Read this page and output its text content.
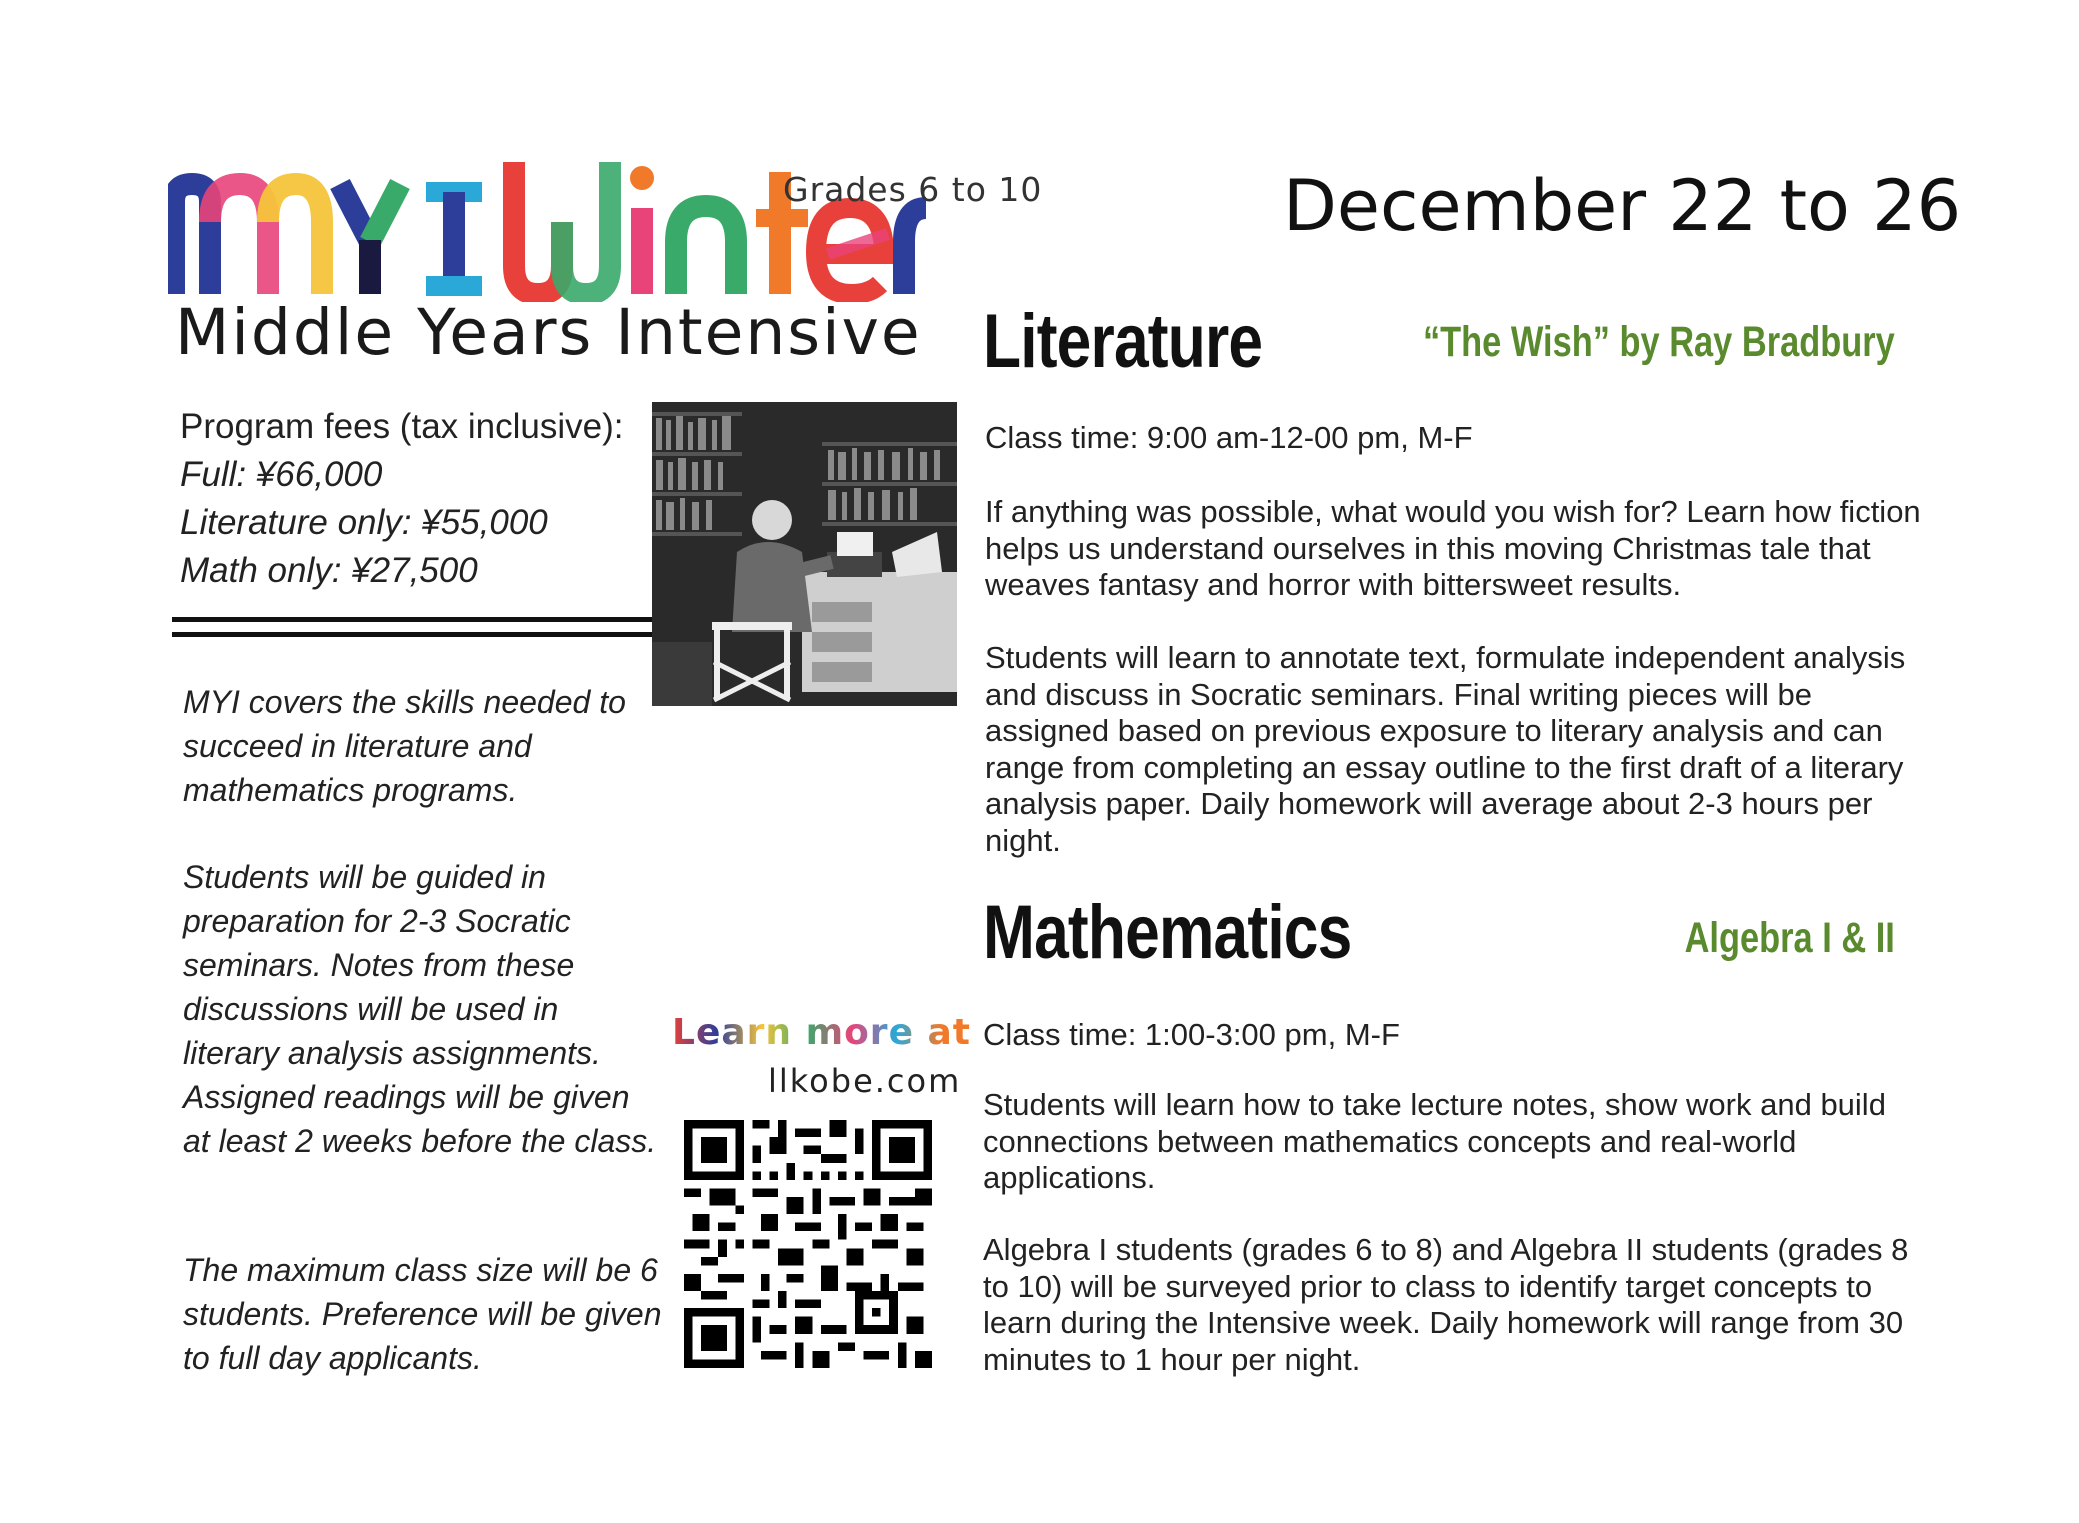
Grades 6 to 10
Middle Years Intensive
December 22 to 26
Program fees (tax inclusive):
Full: ¥66,000
Literature only: ¥55,000
Math only: ¥27,500
MYI covers the skills needed to succeed in literature and mathematics programs.
Students will be guided in preparation for 2-3 Socratic seminars. Notes from these discussions will be used in literary analysis assignments. Assigned readings will be given at least 2 weeks before the class.
The maximum class size will be 6 students. Preference will be given to full day applicants.
Learn more at
llkobe.com
Literature	“The Wish” by Ray Bradbury
Class time: 9:00 am-12-00 pm, M-F
If anything was possible, what would you wish for? Learn how fiction helps us understand ourselves in this moving Christmas tale that weaves fantasy and horror with bittersweet results.
Students will learn to annotate text, formulate independent analysis and discuss in Socratic seminars. Final writing pieces will be assigned based on previous exposure to literary analysis and can range from completing an essay outline to the first draft of a literary analysis paper. Daily homework will average about 2-3 hours per night.
Mathematics	Algebra I & II
Class time: 1:00-3:00 pm, M-F
Students will learn how to take lecture notes, show work and build connections between mathematics concepts and real-world applications.
Algebra I students (grades 6 to 8) and Algebra II students (grades 8 to 10) will be surveyed prior to class to identify target concepts to learn during the Intensive week. Daily homework will range from 30 minutes to 1 hour per night.
